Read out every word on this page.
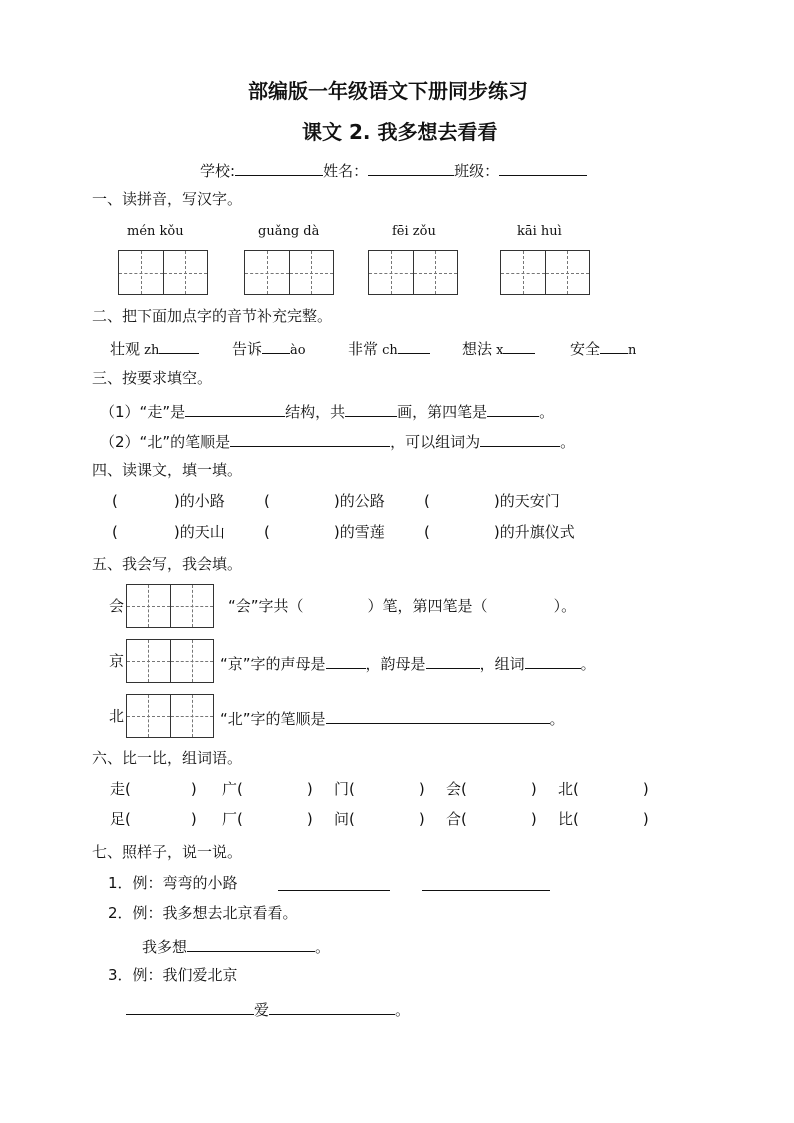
部编版一年级语文下册同步练习
课文 2. 我多想去看看
学校:	姓名：	班级：
一、读拼音，写汉字。
mén kǒu	guǎng dà	fēi zǒu	kāi huì
二、把下面加点字的音节补充完整。
壮观 zh	告诉 ào	非常 ch	想法 x	安全 n
三、按要求填空。
（1）“走”是	结构，共	画，第四笔是	。
（2）“北”的笔顺是	，可以组词为	。
四、读课文，填一填。
(	)的小路	(	)的公路	(	)的天安门
(	)的天山	(	)的雪莲	(	)的升旗仪式
五、我会写，我会填。
会	“会”字共（	）笔，第四笔是（	）。
京	“京”字的声母是	，韵母是	，组词	。
北	“北”字的笔顺是	。
六、比一比，组词语。
走(	) 广(	) 门(	) 会(	) 北(	)
足(	) 厂(	) 问(	) 合(	) 比(	)
七、照样子，说一说。
1．例：弯弯的小路
2．例：我多想去北京看看。
我多想	。
3．例：我们爱北京
爱	。
